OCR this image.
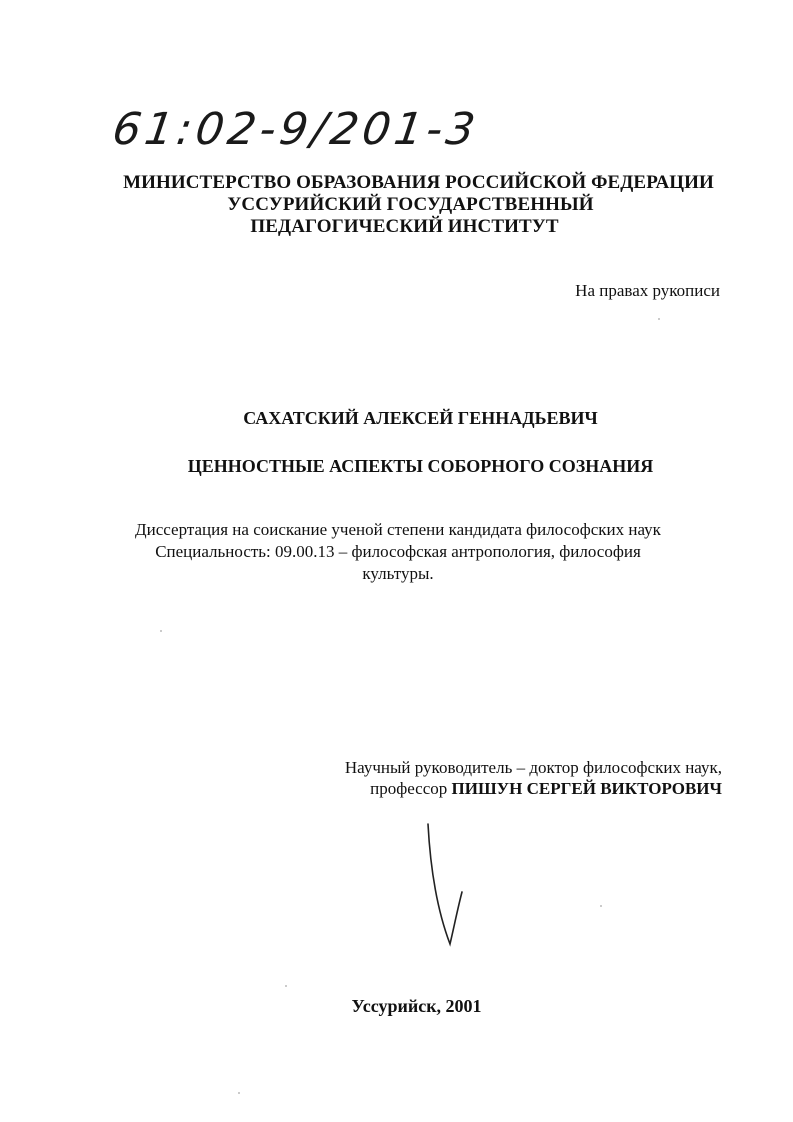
61:02-9/201-3
МИНИСТЕРСТВО ОБРАЗОВАНИЯ РОССИЙСКОЙ ФЕДЕРАЦИИ
УССУРИЙСКИЙ ГОСУДАРСТВЕННЫЙ
ПЕДАГОГИЧЕСКИЙ ИНСТИТУТ
На правах рукописи
САХАТСКИЙ АЛЕКСЕЙ ГЕННАДЬЕВИЧ
ЦЕННОСТНЫЕ АСПЕКТЫ СОБОРНОГО СОЗНАНИЯ
Диссертация на соискание ученой степени кандидата философских наук
Специальность: 09.00.13 – философская антропология, философия
культуры.
Научный руководитель – доктор философских наук,
профессор ПИШУН СЕРГЕЙ ВИКТОРОВИЧ
Уссурийск, 2001
